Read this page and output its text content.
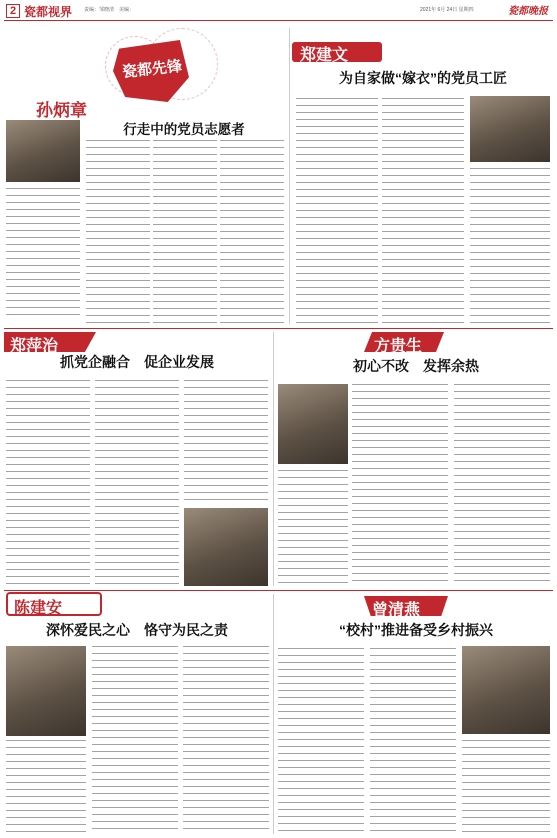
2 瓷都视界 责编：邹晓清　美编：	2021年 6月 24日 星期四	瓷都晚报
瓷都先锋
孙炳章
行走中的党员志愿者
郑建文
为自家做“嫁衣”的党员工匠
郑萍治
抓党企融合　促企业发展
方贵生
初心不改　发挥余热
陈建安
深怀爱民之心　恪守为民之责
曾清燕
“校村”推进备受乡村振兴
